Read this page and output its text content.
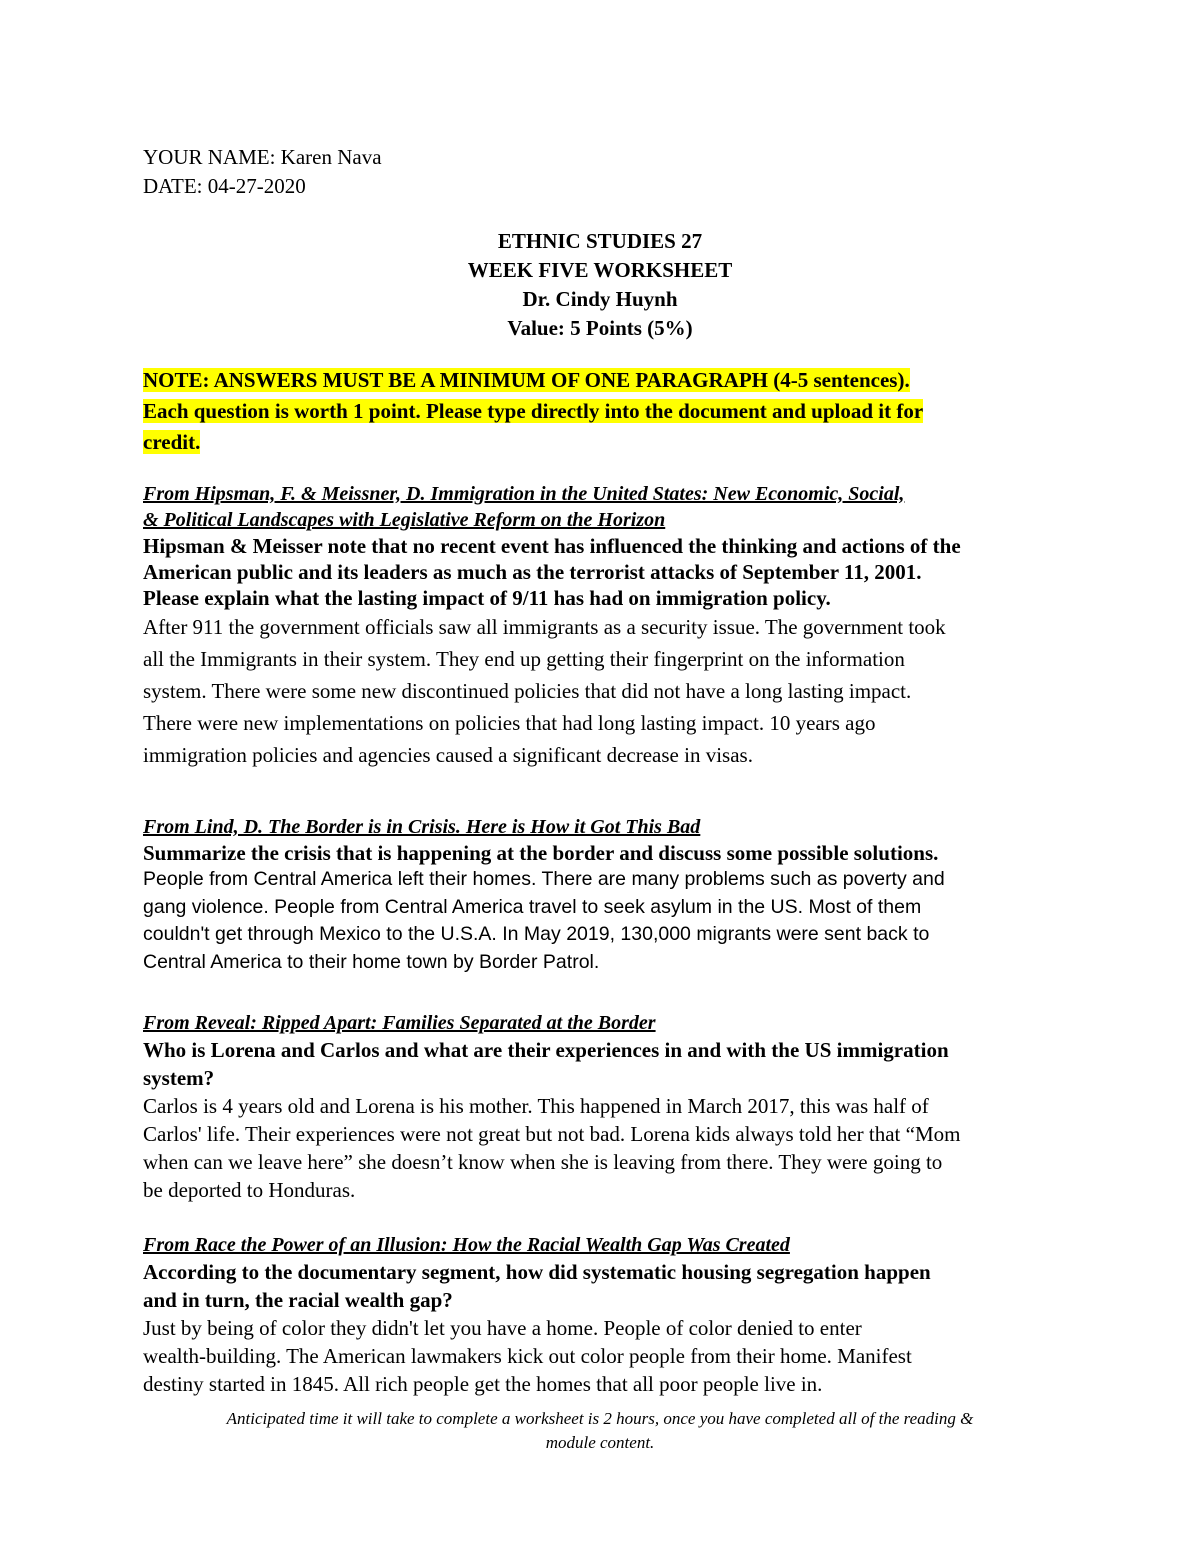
YOUR NAME: Karen Nava
DATE: 04-27-2020
ETHNIC STUDIES 27
WEEK FIVE WORKSHEET
Dr. Cindy Huynh
Value: 5 Points (5%)
NOTE: ANSWERS MUST BE A MINIMUM OF ONE PARAGRAPH (4-5 sentences).
Each question is worth 1 point. Please type directly into the document and upload it for
credit.
From Hipsman, F. & Meissner, D. Immigration in the United States: New Economic, Social,
& Political Landscapes with Legislative Reform on the Horizon
Hipsman & Meisser note that no recent event has influenced the thinking and actions of the
American public and its leaders as much as the terrorist attacks of September 11, 2001.
Please explain what the lasting impact of 9/11 has had on immigration policy.
After 911 the government officials saw all immigrants as a security issue. The government took
all the Immigrants in their system. They end up getting their fingerprint on the information
system. There were some new discontinued policies that did not have a long lasting impact.
There were new implementations on policies that had long lasting impact. 10 years ago
immigration policies and agencies caused a significant decrease in visas.
From Lind, D. The Border is in Crisis. Here is How it Got This Bad
Summarize the crisis that is happening at the border and discuss some possible solutions.
People from Central America left their homes. There are many problems such as poverty and
gang violence. People from Central America travel to seek asylum in the US. Most of them
couldn't get through Mexico to the U.S.A. In May 2019, 130,000 migrants were sent back to
Central America to their home town by Border Patrol.
From Reveal: Ripped Apart: Families Separated at the Border
Who is Lorena and Carlos and what are their experiences in and with the US immigration
system?
Carlos is 4 years old and Lorena is his mother. This happened in March 2017, this was half of
Carlos' life. Their experiences were not great but not bad. Lorena kids always told her that “Mom
when can we leave here” she doesn’t know when she is leaving from there. They were going to
be deported to Honduras.
From Race the Power of an Illusion: How the Racial Wealth Gap Was Created
According to the documentary segment, how did systematic housing segregation happen
and in turn, the racial wealth gap?
Just by being of color they didn't let you have a home. People of color denied to enter
wealth-building. The American lawmakers kick out color people from their home. Manifest
destiny started in 1845. All rich people get the homes that all poor people live in.
Anticipated time it will take to complete a worksheet is 2 hours, once you have completed all of the reading &
module content.
